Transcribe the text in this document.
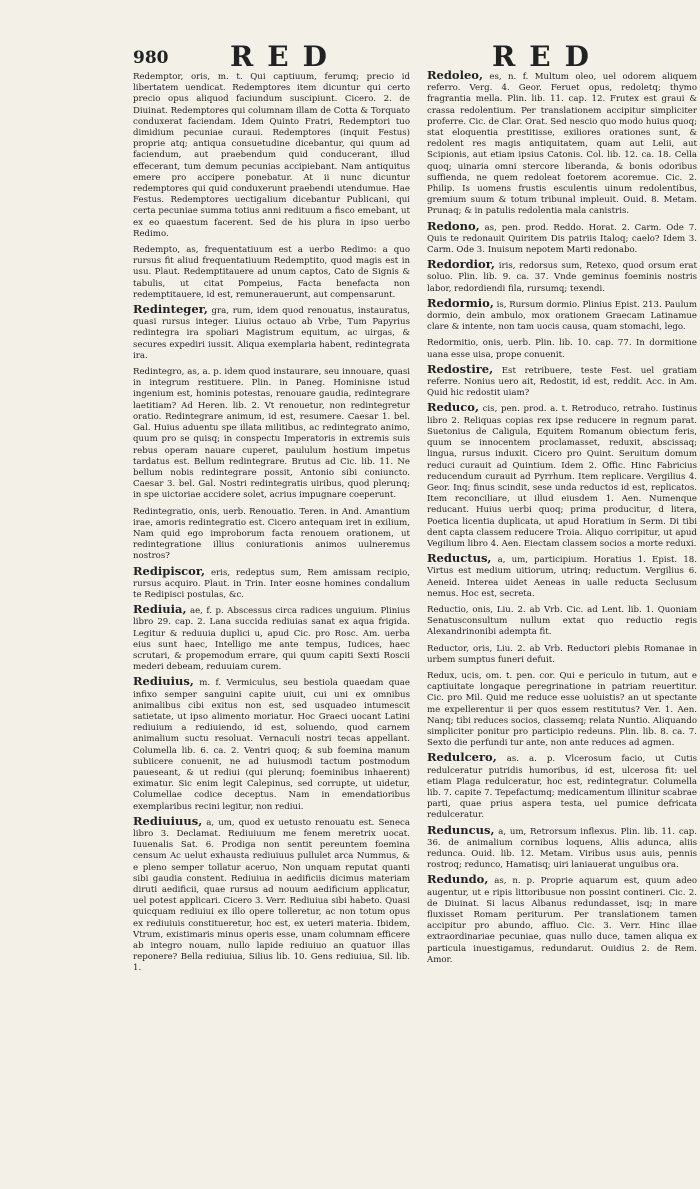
980 RED	RED

Redemptor, oris, m. t. Qui captiuum, ferumq; precio id libertatem uendicat. Redemptores item dicuntur qui certo precio opus aliquod faciundum suscipiunt. Cicero. 2. de Diuinat. Redemptores qui columnam illam de Cotta & Torquato conduxerat faciendam. Idem Quinto Fratri, Redemptori tuo dimidium pecuniae curaui. Redemptores (inquit Festus) proprie atq; antiqua consuetudine dicebantur, qui quum ad faciendum, aut praebendum quid conducerant, illud effecerant, tum demum pecunias accipiebant. Nam antiquitus emere pro accipere ponebatur. At ii nunc dicuntur redemptores qui quid conduxerunt praebendi utendumue. Hae Festus. Redemptores uectigalium dicebantur Publicani, qui certa pecuniae summa totius anni redituum a fisco emebant, ut ex eo quaestum facerent. Sed de his plura in ipso uerbo Redimo.

Redempto, as, frequentatiuum est a uerbo Redimo: a quo rursus fit aliud frequentatiuum Redemptito, quod magis est in usu. Plaut. Redemptitauere ad unum captos, Cato de Signis & tabulis, ut citat Pompeius, Facta benefacta non redemptitauere, id est, remunerauerunt, aut compensarunt.

Redinteger, gra, rum, idem quod renouatus, instauratus, quasi rursus integer. Liuius octauo ab Vrbe, Tum Papyrius redintegra ira spoliari Magistrum equitum, ac uirgas, & secures expediri iussit. Aliqua exemplaria habent, redintegrata ira.

Redintegro, as, a. p. idem quod instaurare, seu innouare, quasi in integrum restituere. Plin. in Paneg. Hominisne istud ingenium est, hominis potestas, renouare gaudia, redintegrare laetitiam? Ad Heren. lib. 2. Vt renouetur, non redintegretur oratio. Redintegrare animum, id est, resumere. Caesar 1. bel. Gal. Huius aduentu spe illata militibus, ac redintegrato animo, quum pro se quisq; in conspectu Imperatoris in extremis suis rebus operam nauare cuperet, paululum hostium impetus tardatus est. Bellum redintegrare. Brutus ad Cic. lib. 11. Ne bellum nobis redintegrare possit, Antonio sibi coniuncto. Caesar 3. bel. Gal. Nostri redintegratis uiribus, quod plerunq; in spe uictoriae accidere solet, acrius impugnare coeperunt.

Redintegratio, onis, uerb. Renouatio. Teren. in And. Amantium irae, amoris redintegratio est. Cicero antequam iret in exilium, Nam quid ego improborum facta renouem orationem, ut redintegratione illius coniurationis animos uulneremus nostros?

Redipiscor, eris, redeptus sum, Rem amissam recipio, rursus acquiro. Plaut. in Trin. Inter eosne homines condalium te Redipisci postulas, &c.

Rediuia, ae, f. p. Abscessus circa radices unguium. Plinius libro 29. cap. 2. Lana succida rediuias sanat ex aqua frigida. Legitur & reduuia duplici u, apud Cic. pro Rosc. Am. uerba eius sunt haec, Intelligo me ante tempus, Iudices, haec scrutari, & propemodum errare, qui quum capiti Sexti Roscii mederi debeam, reduuiam curem.

Rediuius, m. f. Vermiculus, seu bestiola quaedam quae infixo semper sanguini capite uiuit, cui uni ex omnibus animalibus cibi exitus non est, sed usquadeo intumescit satietate, ut ipso alimento moriatur. Hoc Graeci uocant Latini rediuium a rediuiendo, id est, soluendo, quod carnem animalium suctu resoluat. Vernaculi nostri tecas appellant. Columella lib. 6. ca. 2. Ventri quoq; & sub foemina manum subiicere conuenit, ne ad huiusmodi tactum postmodum paueseant, & ut rediui (qui plerunq; foeminibus inhaerent) eximatur. Sic enim legit Calepinus, sed corrupte, ut uidetur, Columellae codice deceptus. Nam in emendatioribus exemplaribus recini legitur, non rediui.

Rediuiuus, a, um, quod ex uetusto renouatu est. Seneca libro 3. Declamat. Rediuiuum me fenem meretrix uocat. Iuuenalis Sat. 6. Prodiga non sentit pereuntem foemina censum Ac uelut exhausta rediuiuus pullulet arca Nummus, & e pleno semper tollatur aceruo, Non unquam reputat quanti sibi gaudia constent. Rediuiua in aedificiis dicimus materiam diruti aedificii, quae rursus ad nouum aedificium applicatur, uel potest applicari. Cicero 3. Verr. Rediuiua sibi habeto. Quasi quicquam rediuiui ex illo opere tolleretur, ac non totum opus ex rediuiuis constitueretur, hoc est, ex ueteri materia. Ibidem, Vtrum, existimaris minus operis esse, unam columnam efficere ab integro nouam, nullo lapide rediuiuo an quatuor illas reponere? Bella rediuiua, Silius lib. 10. Gens rediuiua, Sil. lib. 1.

Redoleo, es, n. f. Multum oleo, uel odorem aliquem referro. Verg. 4. Geor. Feruet opus, redoletq; thymo fragrantia mella. Plin. lib. 11. cap. 12. Frutex est graui & crassa redolentium. Per translationem accipitur simpliciter proferre. Cic. de Clar. Orat. Sed nescio quo modo huius quoq; stat eloquentia prestitisse, exiliores orationes sunt, & redolent res magis antiquitatem, quam aut Lelii, aut Scipionis, aut etiam ipsius Catonis. Col. lib. 12. ca. 18. Cella quoq; uinaria omni stercore liberanda, & bonis odoribus suffienda, ne quem redoleat foetorem acoremue. Cic. 2. Philip. Is uomens frustis esculentis uinum redolentibus, gremium suum & totum tribunal impleuit. Ouid. 8. Metam. Prunaq; & in patulis redolentia mala canistris.

Redono, as, pen. prod. Reddo. Horat. 2. Carm. Ode 7. Quis te redonauit Quiritem Dis patriis Italoq; caelo? Idem 3. Carm. Ode 3. Inuisum nepotem Marti redonabo.

Redordior, iris, redorsus sum, Retexo, quod orsum erat soluo. Plin. lib. 9. ca. 37. Vnde geminus foeminis nostris labor, redordiendi fila, rursumq; texendi.

Redormio, is, Rursum dormio. Plinius Epist. 213. Paulum dormio, dein ambulo, mox orationem Graecam Latinamue clare & intente, non tam uocis causa, quam stomachi, lego.

Redormitio, onis, uerb. Plin. lib. 10. cap. 77. In dormitione uana esse uisa, prope conuenit.

Redostire, Est retribuere, teste Fest. uel gratiam referre. Nonius uero ait, Redostit, id est, reddit. Acc. in Am. Quid hic redostit uiam?

Reduco, cis, pen. prod. a. t. Retroduco, retraho. Iustinus libro 2. Reliquas copias rex ipse reducere in regnum parat. Suetonius de Caligula, Equitem Romanum obiectum feris, quum se innocentem proclamasset, reduxit, abscissaq; lingua, rursus induxit. Cicero pro Quint. Seruitum domum reduci curauit ad Quintium. Idem 2. Offic. Hinc Fabricius reducendum curauit ad Pyrrhum. Item replicare. Vergilius 4. Geor. Inq; finus scindit, sese unda reductos id est, replicatos. Item reconciliare, ut illud eiusdem 1. Aen. Numenque reducant. Huius uerbi quoq; prima producitur, d litera, Poetica licentia duplicata, ut apud Horatium in Serm. Di tibi dent capta classem reducere Troia. Aliquo corripitur, ut apud Vegilium libro 4. Aen. Eiectam classem socios a morte reduxi.

Reductus, a, um, participium. Horatius 1. Epist. 18. Virtus est medium uitiorum, utrinq; reductum. Vergilius 6. Aeneid. Interea uidet Aeneas in ualle reducta Seclusum nemus. Hoc est, secreta.

Reductio, onis, Liu. 2. ab Vrb. Cic. ad Lent. lib. 1. Quoniam Senatusconsultum nullum extat quo reductio regis Alexandrinonibi adempta fit.

Reductor, oris, Liu. 2. ab Vrb. Reductori plebis Romanae in urbem sumptus funeri defuit.

Redux, ucis, om. t. pen. cor. Qui e periculo in tutum, aut e captiuitate longaque peregrinatione in patriam reuertitur. Cic. pro Mil. Quid me reduce esse uoluistis? an ut spectante me expellerentur ii per quos essem restitutus? Ver. 1. Aen. Nanq; tibi reduces socios, classemq; relata Nuntio. Aliquando simpliciter ponitur pro participio redeuns. Plin. lib. 8. ca. 7. Sexto die perfundi tur ante, non ante reduces ad agmen.

Redulcero, as. a. p. Vlcerosum facio, ut Cutis redulceratur putridis humoribus, id est, ulcerosa fit: uel etiam Plaga redulceratur, hoc est, redintegratur. Columella lib. 7. capite 7. Tepefactumq; medicamentum illinitur scabrae parti, quae prius aspera testa, uel pumice defricata redulceratur.

Reduncus, a, um, Retrorsum inflexus. Plin. lib. 11. cap. 36. de animalium cornibus loquens, Aliis adunca, aliis redunca. Ouid. lib. 12. Metam. Viribus usus auis, pennis rostroq; redunco, Hamatisq; uiri laniauerat unguibus ora.

Redundo, as, n. p. Proprie aquarum est, quum adeo augentur, ut e ripis littoribusue non possint contineri. Cic. 2. de Diuinat. Si lacus Albanus redundasset, isq; in mare fluxisset Romam periturum. Per translationem tamen accipitur pro abundo, affluo. Cic. 3. Verr. Hinc illae extraordinariae pecuniae, quas nullo duce, tamen aliqua ex particula inuestigamus, redundarut. Ouidius 2. de Rem. Amor.
